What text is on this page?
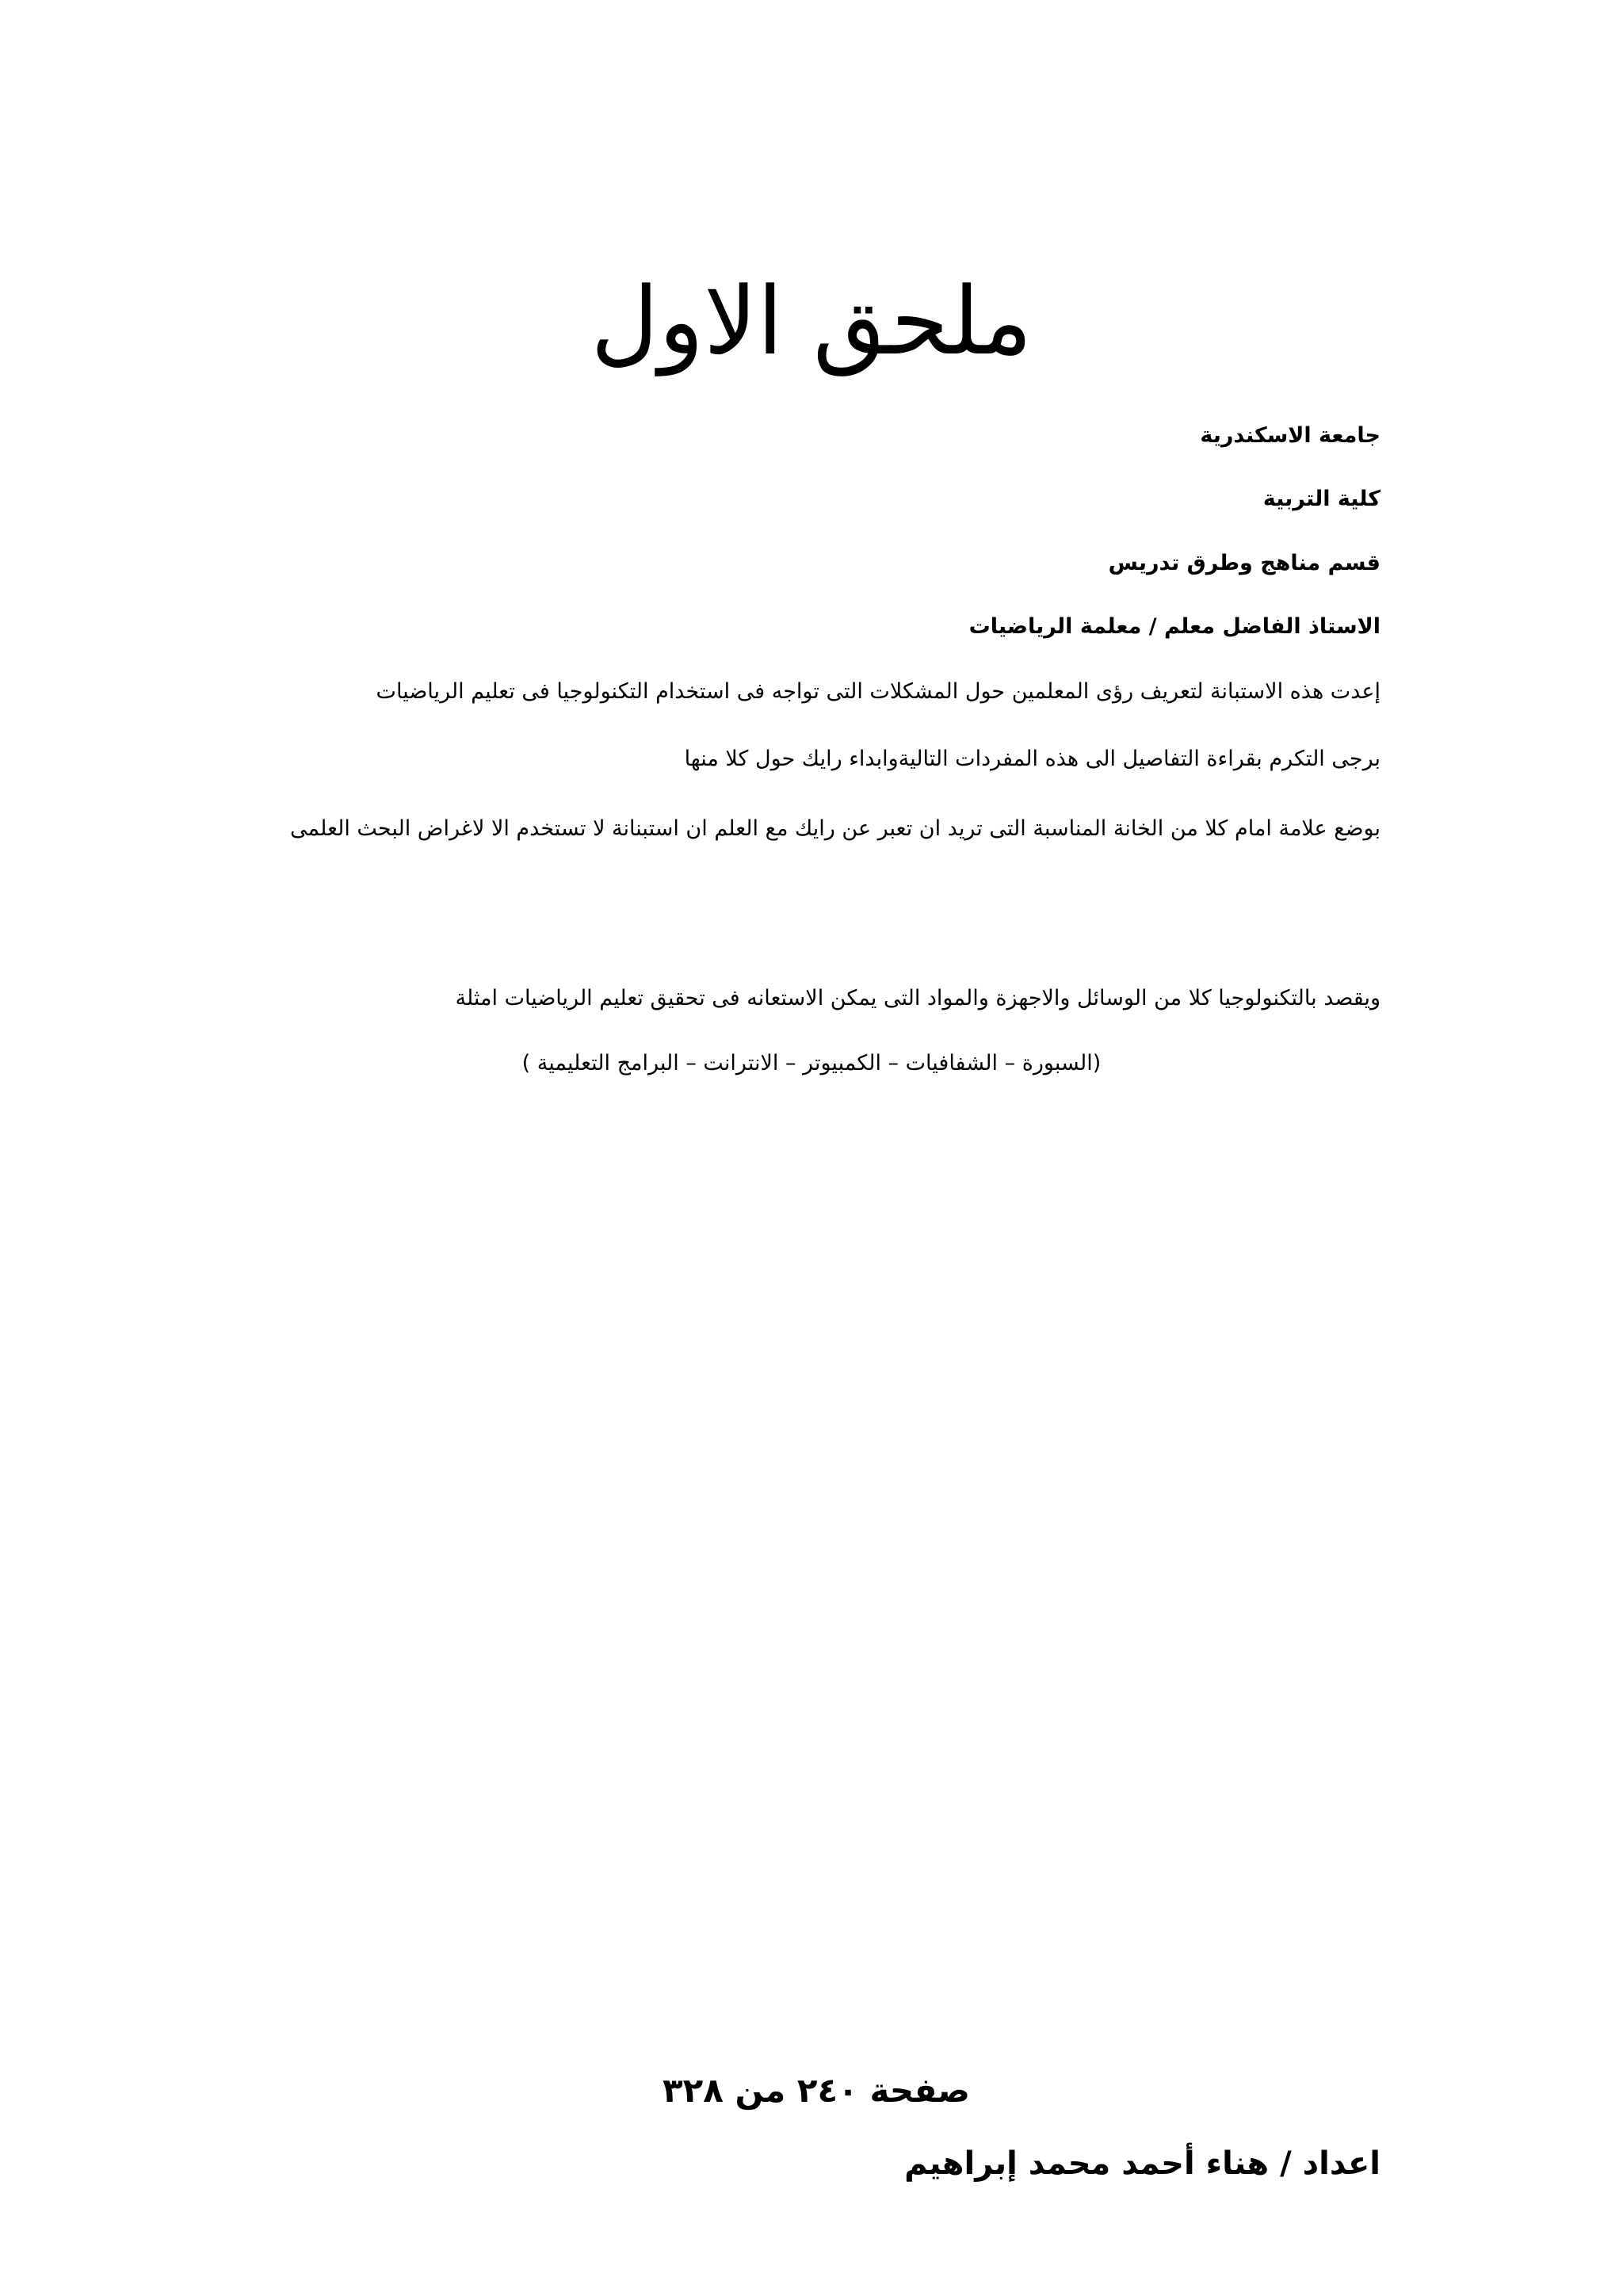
ملحق الاول
جامعة الاسكندرية
كلية التربية
قسم مناهج وطرق تدريس
الاستاذ الفاضل معلم / معلمة الرياضيات
إعدت هذه الاستبانة لتعريف رؤى المعلمين حول المشكلات التى تواجه فى استخدام التكنولوجيا فى تعليم الرياضيات
برجى التكرم بقراءة التفاصيل الى هذه المفردات التاليةوابداء رايك حول كلا منها
بوضع علامة امام كلا من الخانة المناسبة التى تريد ان تعبر عن رايك مع العلم ان استبنانة لا تستخدم الا لاغراض البحث العلمى
ويقصد بالتكنولوجيا كلا من الوسائل والاجهزة والمواد التى يمكن الاستعانه فى تحقيق تعليم الرياضيات امثلة
(السبورة – الشفافيات – الكمبيوتر – الانترانت – البرامج التعليمية )
صفحة ٢٤٠ من ٣٢٨
اعداد / هناء أحمد محمد إبراهيم
